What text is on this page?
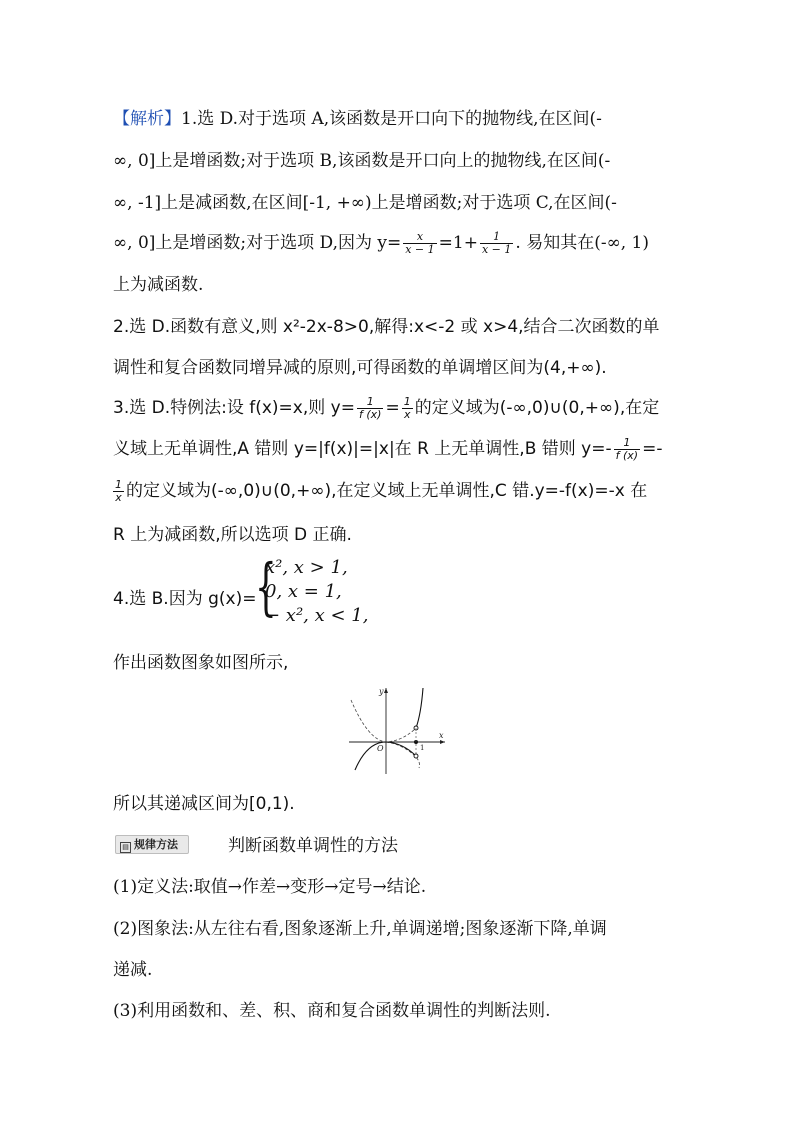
【解析】1.选 D.对于选项 A,该函数是开口向下的抛物线,在区间(-
∞, 0]上是增函数;对于选项 B,该函数是开口向上的抛物线,在区间(-
∞, -1]上是减函数,在区间[-1, +∞)上是增函数;对于选项 C,在区间(-
∞, 0]上是增函数;对于选项 D,因为 $y= \frac{x}{x - 1} =1+ \frac{1}{x - 1}$ . 易知其在(-∞, 1)
上为减函数.
2.选 D.函数有意义,则 x²-2x-8>0,解得:x<-2 或 x>4,结合二次函数的单
调性和复合函数同增异减的原则,可得函数的单调增区间为(4,+∞).
3.选 D.特例法:设 f(x)=x,则 $y= \frac{1}{f (x)} = \frac{1}{x}$ 的定义域为(-∞,0)∪(0,+∞),在定
义域上无单调性,A 错则 y=|f(x)|=|x|在 R 上无单调性,B 错则 $y=- \frac{1}{f (x)}$ =-
$\frac{1}{x}$ 的定义域为(-∞,0)∪(0,+∞),在定义域上无单调性,C 错.y=-f(x)=-x 在
R 上为减函数,所以选项 D 正确.
4.选 B.因为 g(x)=
{
x², x > 1,
0, x = 1,
− x², x < 1,
作出函数图象如图所示,
y
x
O	1
所以其递减区间为[0,1).
▤ 规律方法	判断函数单调性的方法
(1)定义法:取值→作差→变形→定号→结论.
(2)图象法:从左往右看,图象逐渐上升,单调递增;图象逐渐下降,单调
递减.
(3)利用函数和、差、积、商和复合函数单调性的判断法则.
